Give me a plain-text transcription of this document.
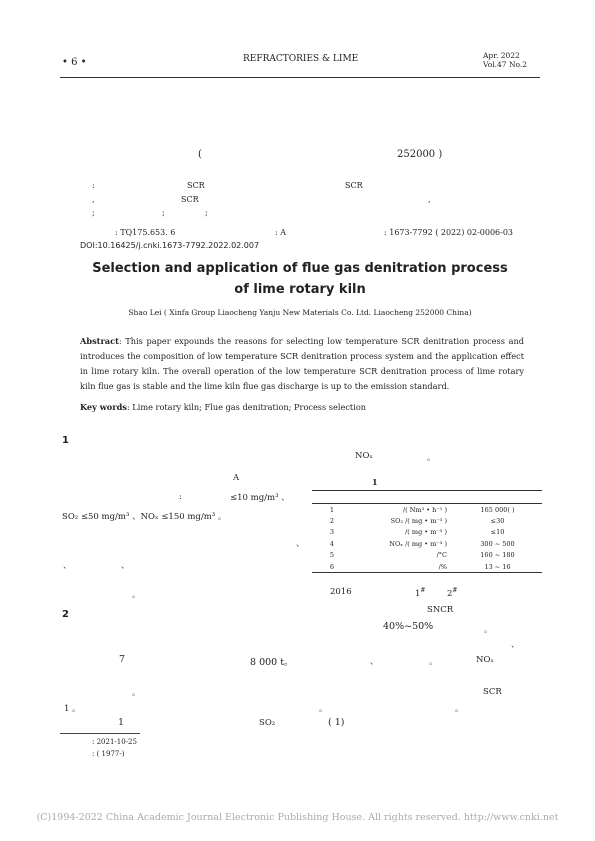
• 6 •	REFRACTORIES & LIME	Apr. 2022
Vol.47 No.2
(	252000 )
:	SCR	SCR
,	SCR	,
;	;	;
: TQ175.653. 6	: A	: 1673-7792 ( 2022) 02-0006-03
DOI:10.16425/j.cnki.1673-7792.2022.02.007
Selection and application of flue gas denitration process
of lime rotary kiln
Shao Lei ( Xinfa Group Liaocheng Yanju New Materials Co. Ltd. Liaocheng 252000 China)
Abstract: This paper expounds the reasons for selecting low temperature SCR denitration process and introduces the composition of low temperature SCR denitration process system and the application effect in lime rotary kiln. The overall operation of the low temperature SCR denitration process of lime rotary kiln flue gas is stable and the lime kiln flue gas discharge is up to the emission standard.
Key words: Lime rotary kiln; Flue gas denitration; Process selection
1
A
:	≤10 mg/m³ 、
SO₂ ≤50 mg/m³ 、NOₓ ≤150 mg/m³ 。
、
、	、
。
NOₓ	。
1

1	/( Nm³ • h⁻¹ )	165 000( )
2	SO₂ /( mg • m⁻³ )	≤30
3	/( mg • m⁻³ )	≤10
4	NOₓ /( mg • m⁻³ )	300 ~ 500
5	/°C	160 ~ 180
6	/%	13 ~ 16
2016	1#	2#
SNCR
40%~50%	。
、
、	。	NOₓ
SCR
。	。
( 1)
2
7	8 000 t。
。
1 。
1	SO₂
: 2021-10-25
: ( 1977-)
(C)1994-2022 China Academic Journal Electronic Publishing House. All rights reserved. http://www.cnki.net
